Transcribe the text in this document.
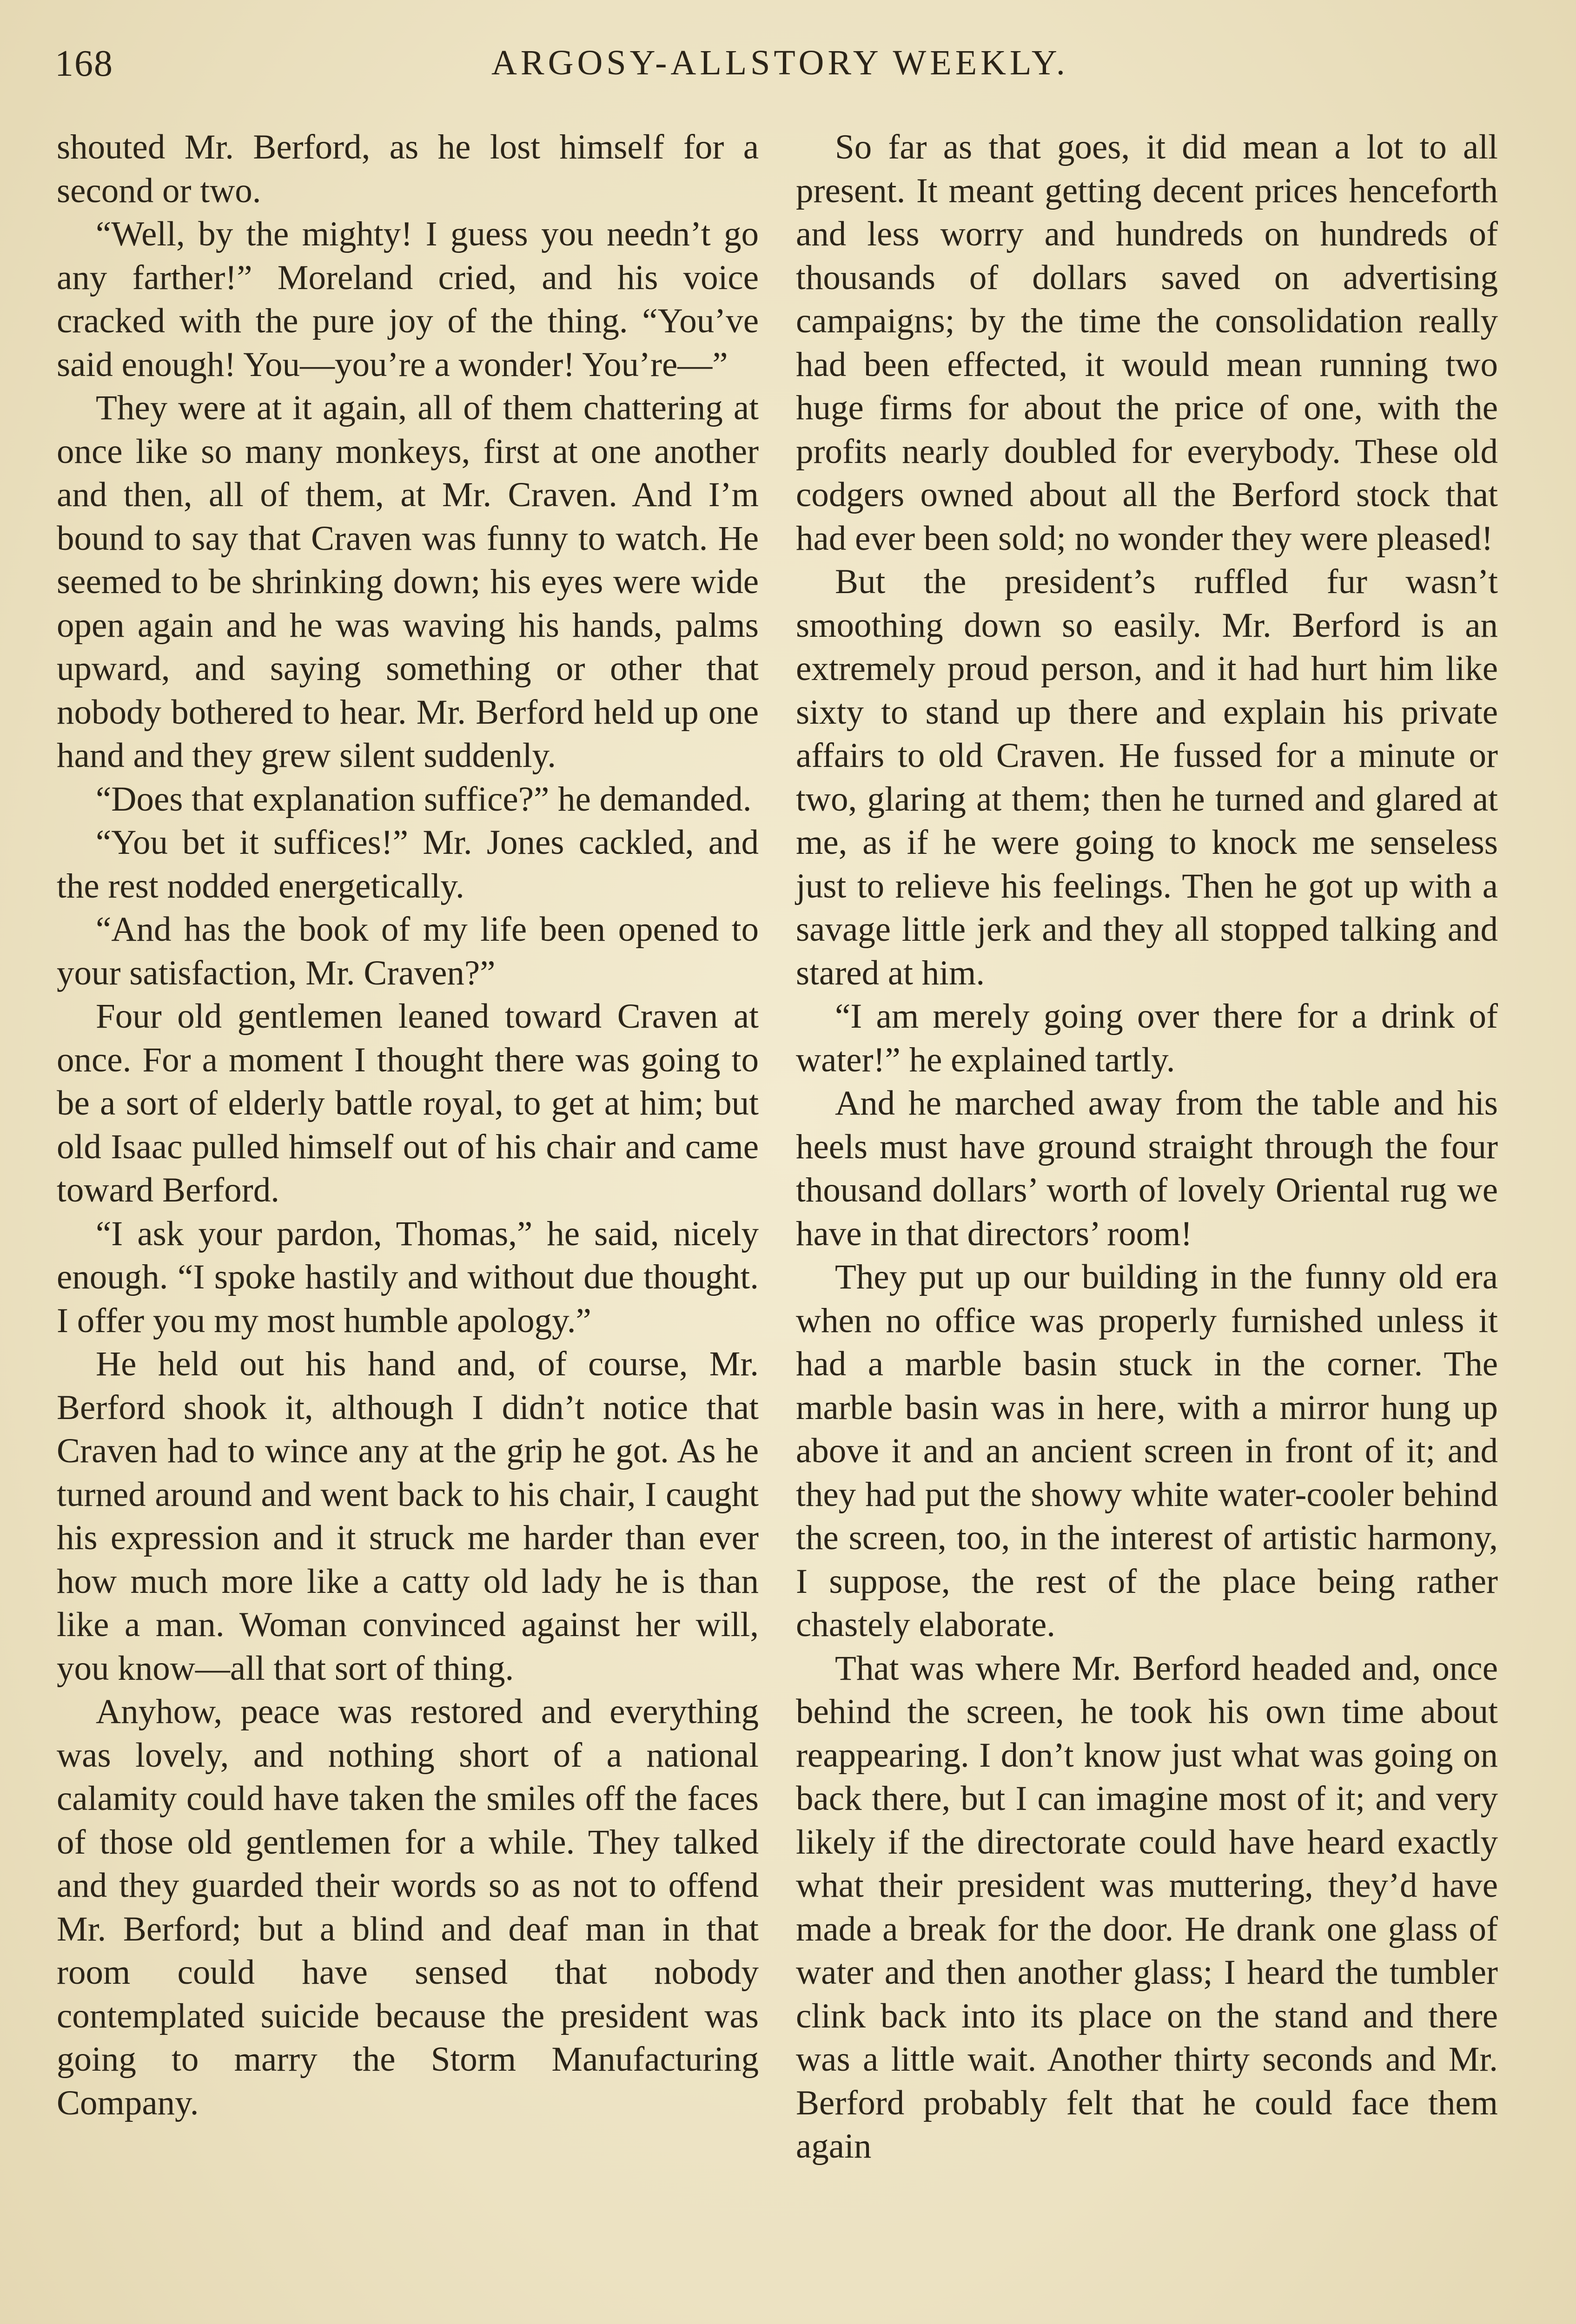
168	ARGOSY-ALLSTORY WEEKLY.

shouted Mr. Berford, as he lost himself for a second or two.

“Well, by the mighty! I guess you needn’t go any farther!” Moreland cried, and his voice cracked with the pure joy of the thing. “You’ve said enough! You—you’re a wonder! You’re—”

They were at it again, all of them chattering at once like so many monkeys, first at one another and then, all of them, at Mr. Craven. And I’m bound to say that Craven was funny to watch. He seemed to be shrinking down; his eyes were wide open again and he was waving his hands, palms upward, and saying something or other that nobody bothered to hear. Mr. Berford held up one hand and they grew silent suddenly.

“Does that explanation suffice?” he demanded.

“You bet it suffices!” Mr. Jones cackled, and the rest nodded energetically.

“And has the book of my life been opened to your satisfaction, Mr. Craven?”

Four old gentlemen leaned toward Craven at once. For a moment I thought there was going to be a sort of elderly battle royal, to get at him; but old Isaac pulled himself out of his chair and came toward Berford.

“I ask your pardon, Thomas,” he said, nicely enough. “I spoke hastily and without due thought. I offer you my most humble apology.”

He held out his hand and, of course, Mr. Berford shook it, although I didn’t notice that Craven had to wince any at the grip he got. As he turned around and went back to his chair, I caught his expression and it struck me harder than ever how much more like a catty old lady he is than like a man. Woman convinced against her will, you know—all that sort of thing.

Anyhow, peace was restored and everything was lovely, and nothing short of a national calamity could have taken the smiles off the faces of those old gentlemen for a while. They talked and they guarded their words so as not to offend Mr. Berford; but a blind and deaf man in that room could have sensed that nobody contemplated suicide because the president was going to marry the Storm Manufacturing Company.

So far as that goes, it did mean a lot to all present. It meant getting decent prices henceforth and less worry and hundreds on hundreds of thousands of dollars saved on advertising campaigns; by the time the consolidation really had been effected, it would mean running two huge firms for about the price of one, with the profits nearly doubled for everybody. These old codgers owned about all the Berford stock that had ever been sold; no wonder they were pleased!

But the president’s ruffled fur wasn’t smoothing down so easily. Mr. Berford is an extremely proud person, and it had hurt him like sixty to stand up there and explain his private affairs to old Craven. He fussed for a minute or two, glaring at them; then he turned and glared at me, as if he were going to knock me senseless just to relieve his feelings. Then he got up with a savage little jerk and they all stopped talking and stared at him.

“I am merely going over there for a drink of water!” he explained tartly.

And he marched away from the table and his heels must have ground straight through the four thousand dollars’ worth of lovely Oriental rug we have in that directors’ room!

They put up our building in the funny old era when no office was properly furnished unless it had a marble basin stuck in the corner. The marble basin was in here, with a mirror hung up above it and an ancient screen in front of it; and they had put the showy white water-cooler behind the screen, too, in the interest of artistic harmony, I suppose, the rest of the place being rather chastely elaborate.

That was where Mr. Berford headed and, once behind the screen, he took his own time about reappearing. I don’t know just what was going on back there, but I can imagine most of it; and very likely if the directorate could have heard exactly what their president was muttering, they’d have made a break for the door. He drank one glass of water and then another glass; I heard the tumbler clink back into its place on the stand and there was a little wait. Another thirty seconds and Mr. Berford probably felt that he could face them again
